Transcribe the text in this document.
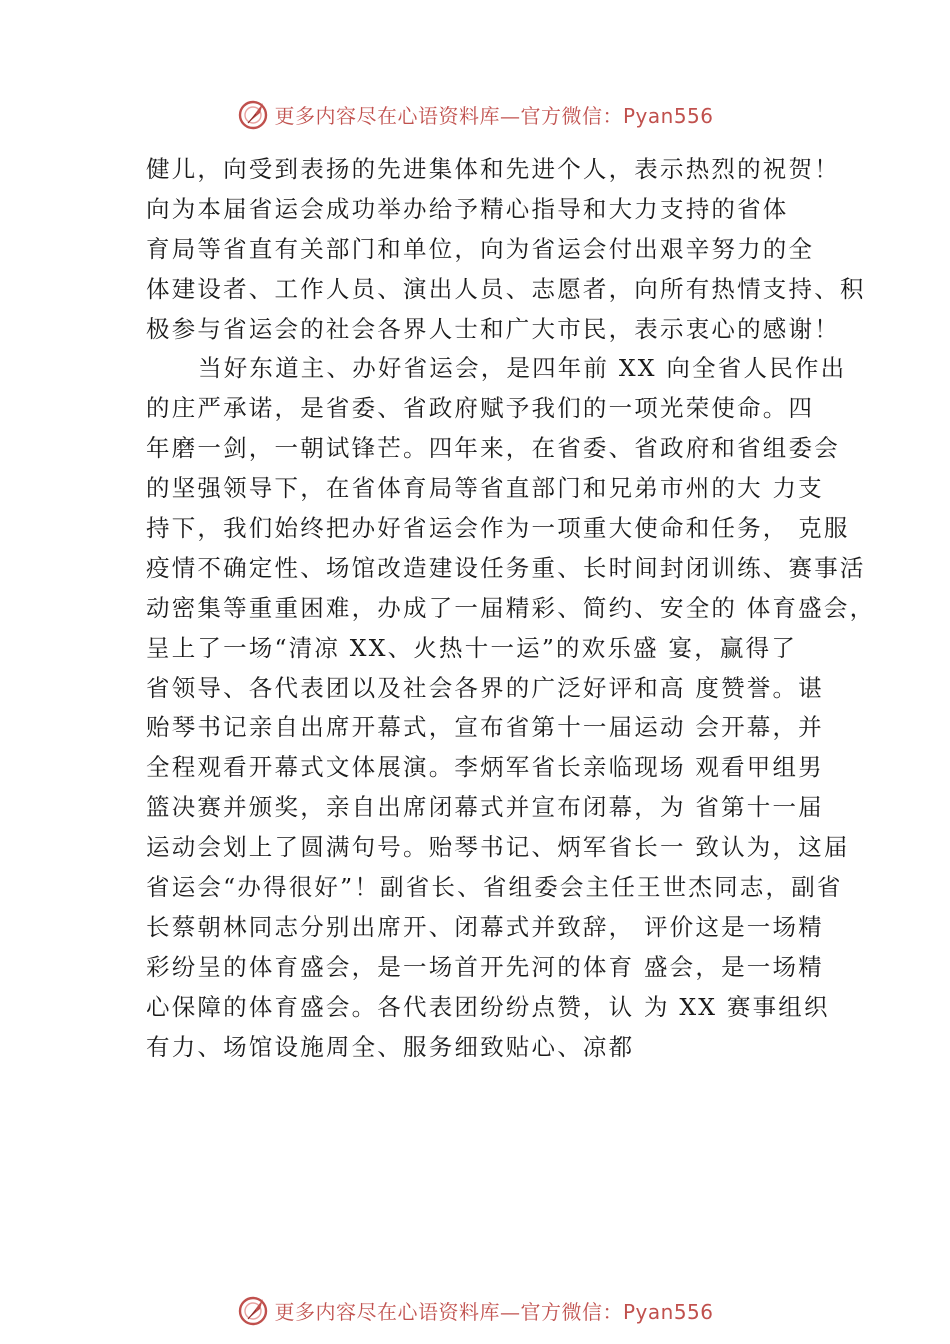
更多内容尽在心语资料库—官方微信：Pyan556
健儿，向受到表扬的先进集体和先进个人，表示热烈的祝贺！
向为本届省运会成功举办给予精心指导和大力支持的省体
育局等省直有关部门和单位，向为省运会付出艰辛努力的全
体建设者、工作人员、演出人员、志愿者，向所有热情支持、积
极参与省运会的社会各界人士和广大市民，表示衷心的感谢！
当好东道主、办好省运会，是四年前 XX 向全省人民作出
的庄严承诺，是省委、省政府赋予我们的一项光荣使命。四
年磨一剑，一朝试锋芒。四年来，在省委、省政府和省组委会
的坚强领导下，在省体育局等省直部门和兄弟市州的大 力支
持下，我们始终把办好省运会作为一项重大使命和任务， 克服
疫情不确定性、场馆改造建设任务重、长时间封闭训练、赛事活
动密集等重重困难，办成了一届精彩、简约、安全的 体育盛会，
呈上了一场“清凉 XX、火热十一运”的欢乐盛 宴，赢得了
省领导、各代表团以及社会各界的广泛好评和高 度赞誉。谌
贻琴书记亲自出席开幕式，宣布省第十一届运动 会开幕，并
全程观看开幕式文体展演。李炳军省长亲临现场 观看甲组男
篮决赛并颁奖，亲自出席闭幕式并宣布闭幕，为 省第十一届
运动会划上了圆满句号。贻琴书记、炳军省长一 致认为，这届
省运会“办得很好”！副省长、省组委会主任王世杰同志，副省
长蔡朝林同志分别出席开、闭幕式并致辞， 评价这是一场精
彩纷呈的体育盛会，是一场首开先河的体育 盛会，是一场精
心保障的体育盛会。各代表团纷纷点赞，认 为 XX 赛事组织
有力、场馆设施周全、服务细致贴心、凉都
更多内容尽在心语资料库—官方微信：Pyan556
